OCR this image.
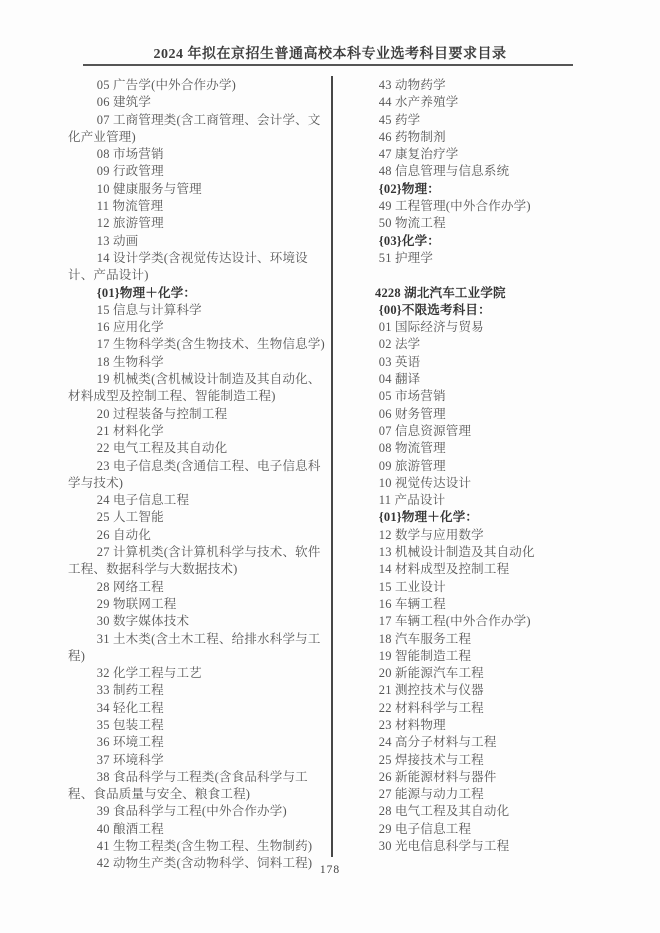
2024 年拟在京招生普通高校本科专业选考科目要求目录
05 广告学(中外合作办学)
06 建筑学
07 工商管理类(含工商管理、会计学、文化产业管理)
08 市场营销
09 行政管理
10 健康服务与管理
11 物流管理
12 旅游管理
13 动画
14 设计学类(含视觉传达设计、环境设计、产品设计)
{01}物理＋化学：
15 信息与计算科学
16 应用化学
17 生物科学类(含生物技术、生物信息学)
18 生物科学
19 机械类(含机械设计制造及其自动化、材料成型及控制工程、智能制造工程)
20 过程装备与控制工程
21 材料化学
22 电气工程及其自动化
23 电子信息类(含通信工程、电子信息科学与技术)
24 电子信息工程
25 人工智能
26 自动化
27 计算机类(含计算机科学与技术、软件工程、数据科学与大数据技术)
28 网络工程
29 物联网工程
30 数字媒体技术
31 土木类(含土木工程、给排水科学与工程)
32 化学工程与工艺
33 制药工程
34 轻化工程
35 包装工程
36 环境工程
37 环境科学
38 食品科学与工程类(含食品科学与工程、食品质量与安全、粮食工程)
39 食品科学与工程(中外合作办学)
40 酿酒工程
41 生物工程类(含生物工程、生物制药)
42 动物生产类(含动物科学、饲料工程)
43 动物药学
44 水产养殖学
45 药学
46 药物制剂
47 康复治疗学
48 信息管理与信息系统
{02}物理：
49 工程管理(中外合作办学)
50 物流工程
{03}化学：
51 护理学
4228 湖北汽车工业学院
{00}不限选考科目：
01 国际经济与贸易
02 法学
03 英语
04 翻译
05 市场营销
06 财务管理
07 信息资源管理
08 物流管理
09 旅游管理
10 视觉传达设计
11 产品设计
{01}物理＋化学：
12 数学与应用数学
13 机械设计制造及其自动化
14 材料成型及控制工程
15 工业设计
16 车辆工程
17 车辆工程(中外合作办学)
18 汽车服务工程
19 智能制造工程
20 新能源汽车工程
21 测控技术与仪器
22 材料科学与工程
23 材料物理
24 高分子材料与工程
25 焊接技术与工程
26 新能源材料与器件
27 能源与动力工程
28 电气工程及其自动化
29 电子信息工程
30 光电信息科学与工程
178
